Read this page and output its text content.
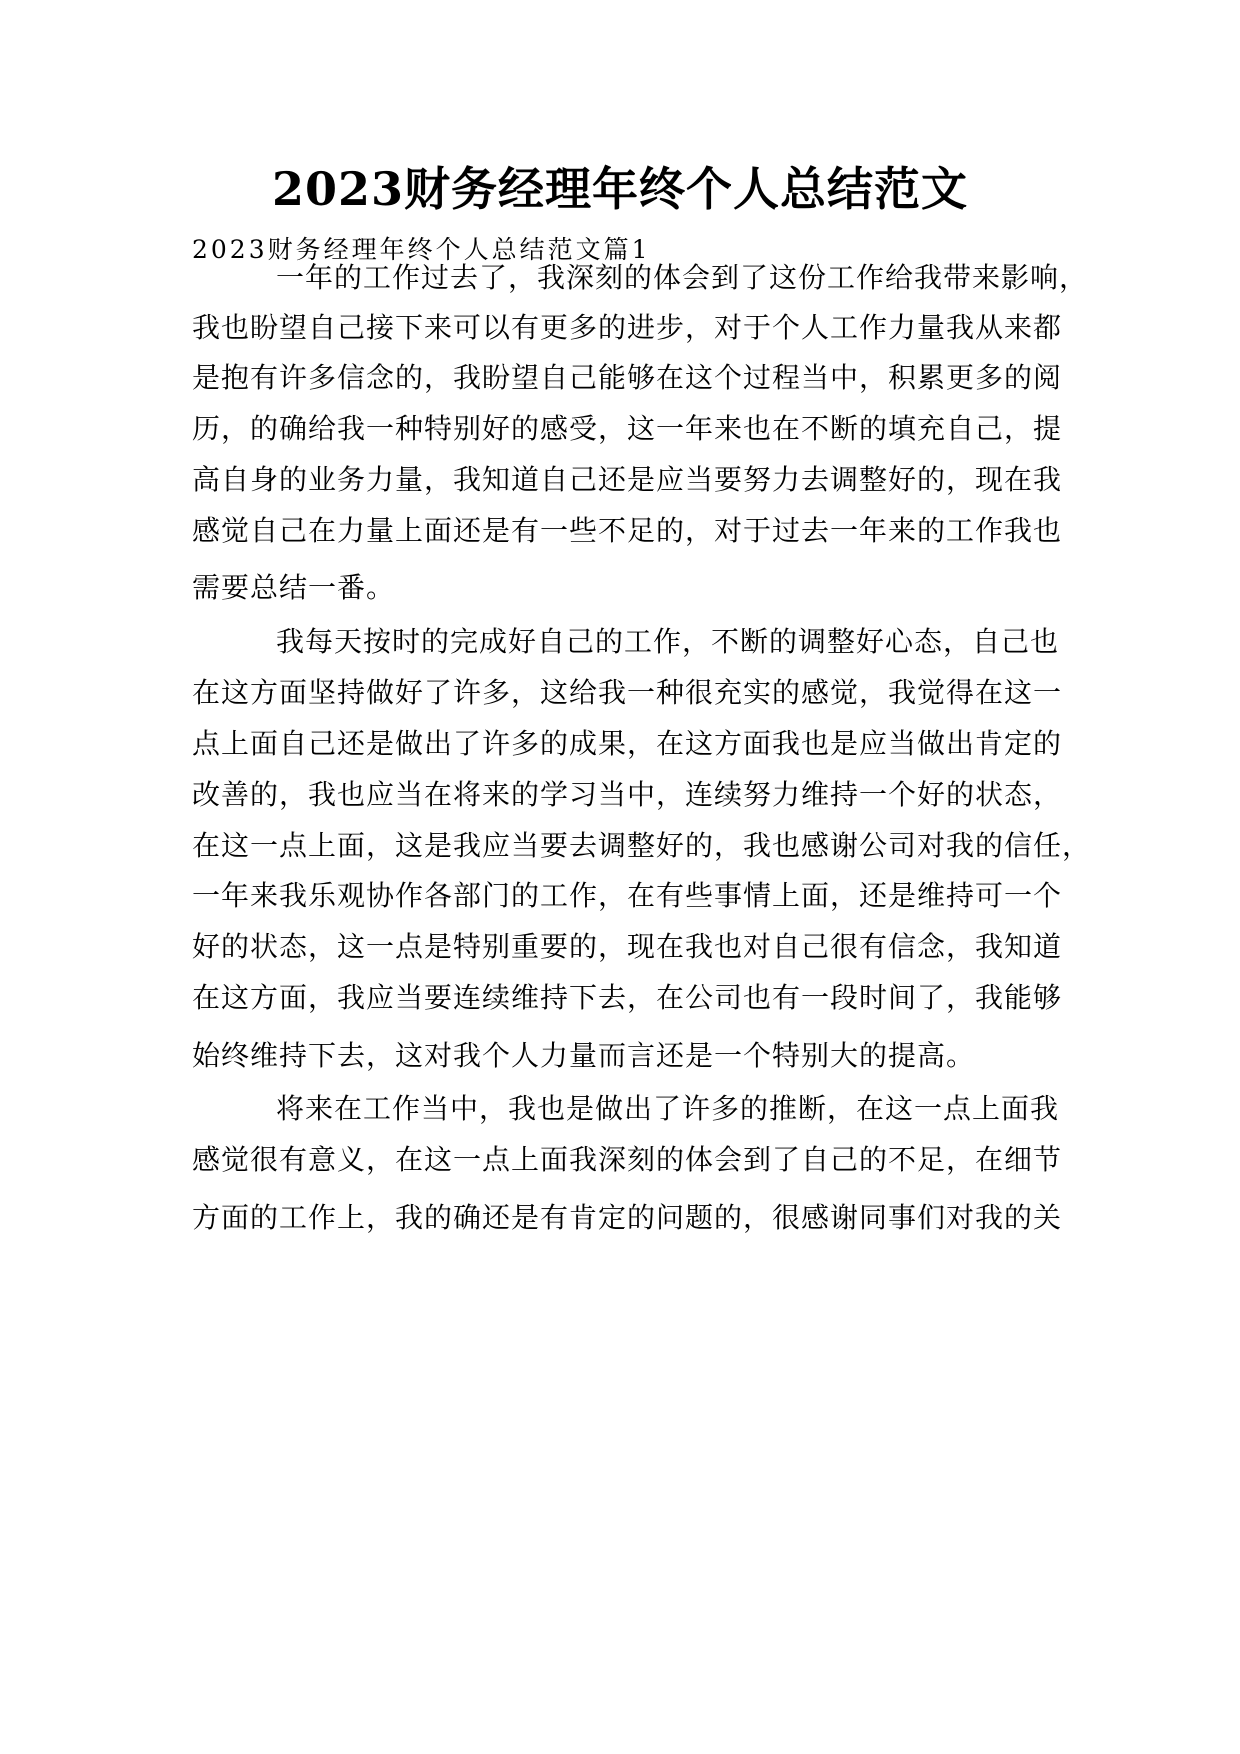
2023财务经理年终个人总结范文
2023财务经理年终个人总结范文篇1
一年的工作过去了，我深刻的体会到了这份工作给我带来影响，
我也盼望自己接下来可以有更多的进步，对于个人工作力量我从来都
是抱有许多信念的，我盼望自己能够在这个过程当中，积累更多的阅
历，的确给我一种特别好的感受，这一年来也在不断的填充自己，提
高自身的业务力量，我知道自己还是应当要努力去调整好的，现在我
感觉自己在力量上面还是有一些不足的，对于过去一年来的工作我也
需要总结一番。
我每天按时的完成好自己的工作，不断的调整好心态，自己也
在这方面坚持做好了许多，这给我一种很充实的感觉，我觉得在这一
点上面自己还是做出了许多的成果，在这方面我也是应当做出肯定的
改善的，我也应当在将来的学习当中，连续努力维持一个好的状态，
在这一点上面，这是我应当要去调整好的，我也感谢公司对我的信任，
一年来我乐观协作各部门的工作，在有些事情上面，还是维持可一个
好的状态，这一点是特别重要的，现在我也对自己很有信念，我知道
在这方面，我应当要连续维持下去，在公司也有一段时间了，我能够
始终维持下去，这对我个人力量而言还是一个特别大的提高。
将来在工作当中，我也是做出了许多的推断，在这一点上面我
感觉很有意义，在这一点上面我深刻的体会到了自己的不足，在细节
方面的工作上，我的确还是有肯定的问题的，很感谢同事们对我的关
